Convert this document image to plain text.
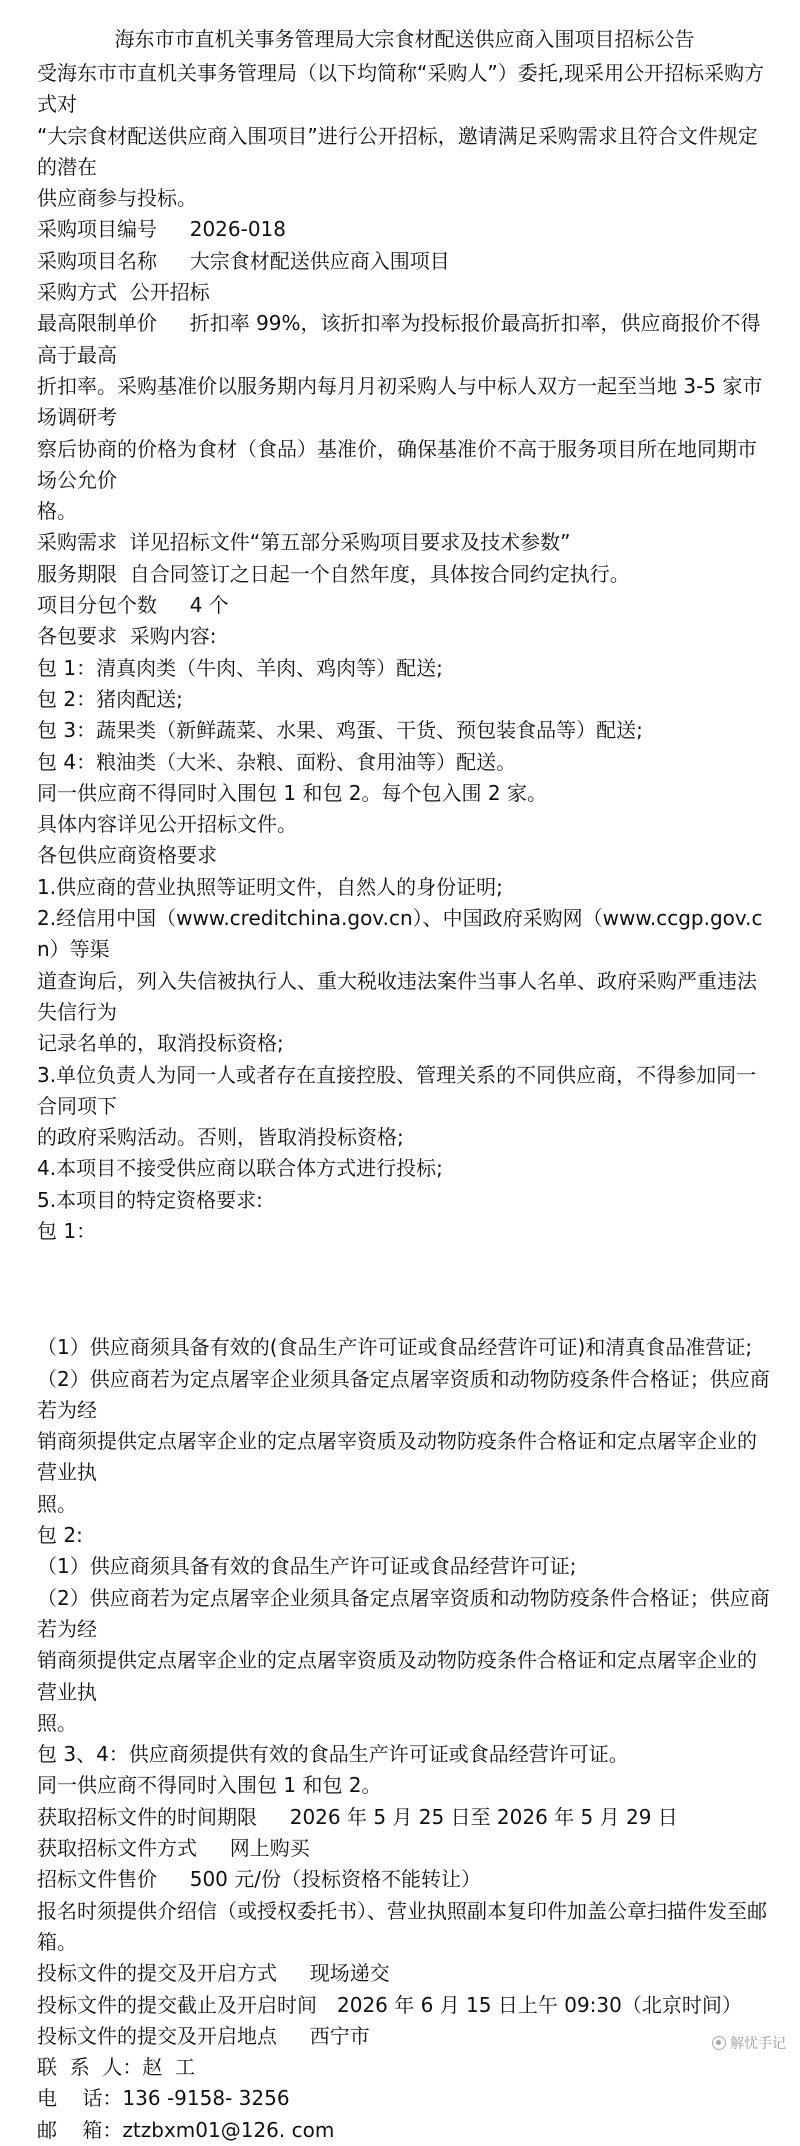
海东市市直机关事务管理局大宗食材配送供应商入围项目招标公告
受海东市市直机关事务管理局（以下均简称“采购人”）委托,现采用公开招标采购方式对
“大宗食材配送供应商入围项目”进行公开招标，邀请满足采购需求且符合文件规定的潜在
供应商参与投标。
采购项目编号　  2026-018
采购项目名称　  大宗食材配送供应商入围项目
采购方式  公开招标
最高限制单价　  折扣率 99%，该折扣率为投标报价最高折扣率，供应商报价不得高于最高
折扣率。采购基准价以服务期内每月月初采购人与中标人双方一起至当地 3-5 家市场调研考
察后协商的价格为食材（食品）基准价，确保基准价不高于服务项目所在地同期市场公允价
格。
采购需求  详见招标文件“第五部分采购项目要求及技术参数”
服务期限  自合同签订之日起一个自然年度，具体按合同约定执行。
项目分包个数　  4 个
各包要求  采购内容:
包 1：清真肉类（牛肉、羊肉、鸡肉等）配送;
包 2：猪肉配送;
包 3：蔬果类（新鲜蔬菜、水果、鸡蛋、干货、预包装食品等）配送;
包 4：粮油类（大米、杂粮、面粉、食用油等）配送。
同一供应商不得同时入围包 1 和包 2。每个包入围 2 家。
具体内容详见公开招标文件。
各包供应商资格要求
1.供应商的营业执照等证明文件，自然人的身份证明;
2.经信用中国（www.creditchina.gov.cn）、中国政府采购网（www.ccgp.gov.cn）等渠
道查询后，列入失信被执行人、重大税收违法案件当事人名单、政府采购严重违法失信行为
记录名单的，取消投标资格;
3.单位负责人为同一人或者存在直接控股、管理关系的不同供应商，不得参加同一合同项下
的政府采购活动。否则，皆取消投标资格;
4.本项目不接受供应商以联合体方式进行投标;
5.本项目的特定资格要求:
包 1：
（1）供应商须具备有效的(食品生产许可证或食品经营许可证)和清真食品准营证;
（2）供应商若为定点屠宰企业须具备定点屠宰资质和动物防疫条件合格证；供应商若为经
销商须提供定点屠宰企业的定点屠宰资质及动物防疫条件合格证和定点屠宰企业的营业执
照。
包 2:
（1）供应商须具备有效的食品生产许可证或食品经营许可证;
（2）供应商若为定点屠宰企业须具备定点屠宰资质和动物防疫条件合格证；供应商若为经
销商须提供定点屠宰企业的定点屠宰资质及动物防疫条件合格证和定点屠宰企业的营业执
照。
包 3、4：供应商须提供有效的食品生产许可证或食品经营许可证。
同一供应商不得同时入围包 1 和包 2。
获取招标文件的时间期限　  2026 年 5 月 25 日至 2026 年 5 月 29 日
获取招标文件方式　  网上购买
招标文件售价　  500 元/份（投标资格不能转让）
报名时须提供介绍信（或授权委托书）、营业执照副本复印件加盖公章扫描件发至邮箱。
投标文件的提交及开启方式　  现场递交
投标文件的提交截止及开启时间　2026 年 6 月 15 日上午 09:30（北京时间）
投标文件的提交及开启地点　  西宁市
联  系  人：赵  工
电    话：136 -9158- 3256
邮    箱：ztzbxm01@126. com
解忧手记
